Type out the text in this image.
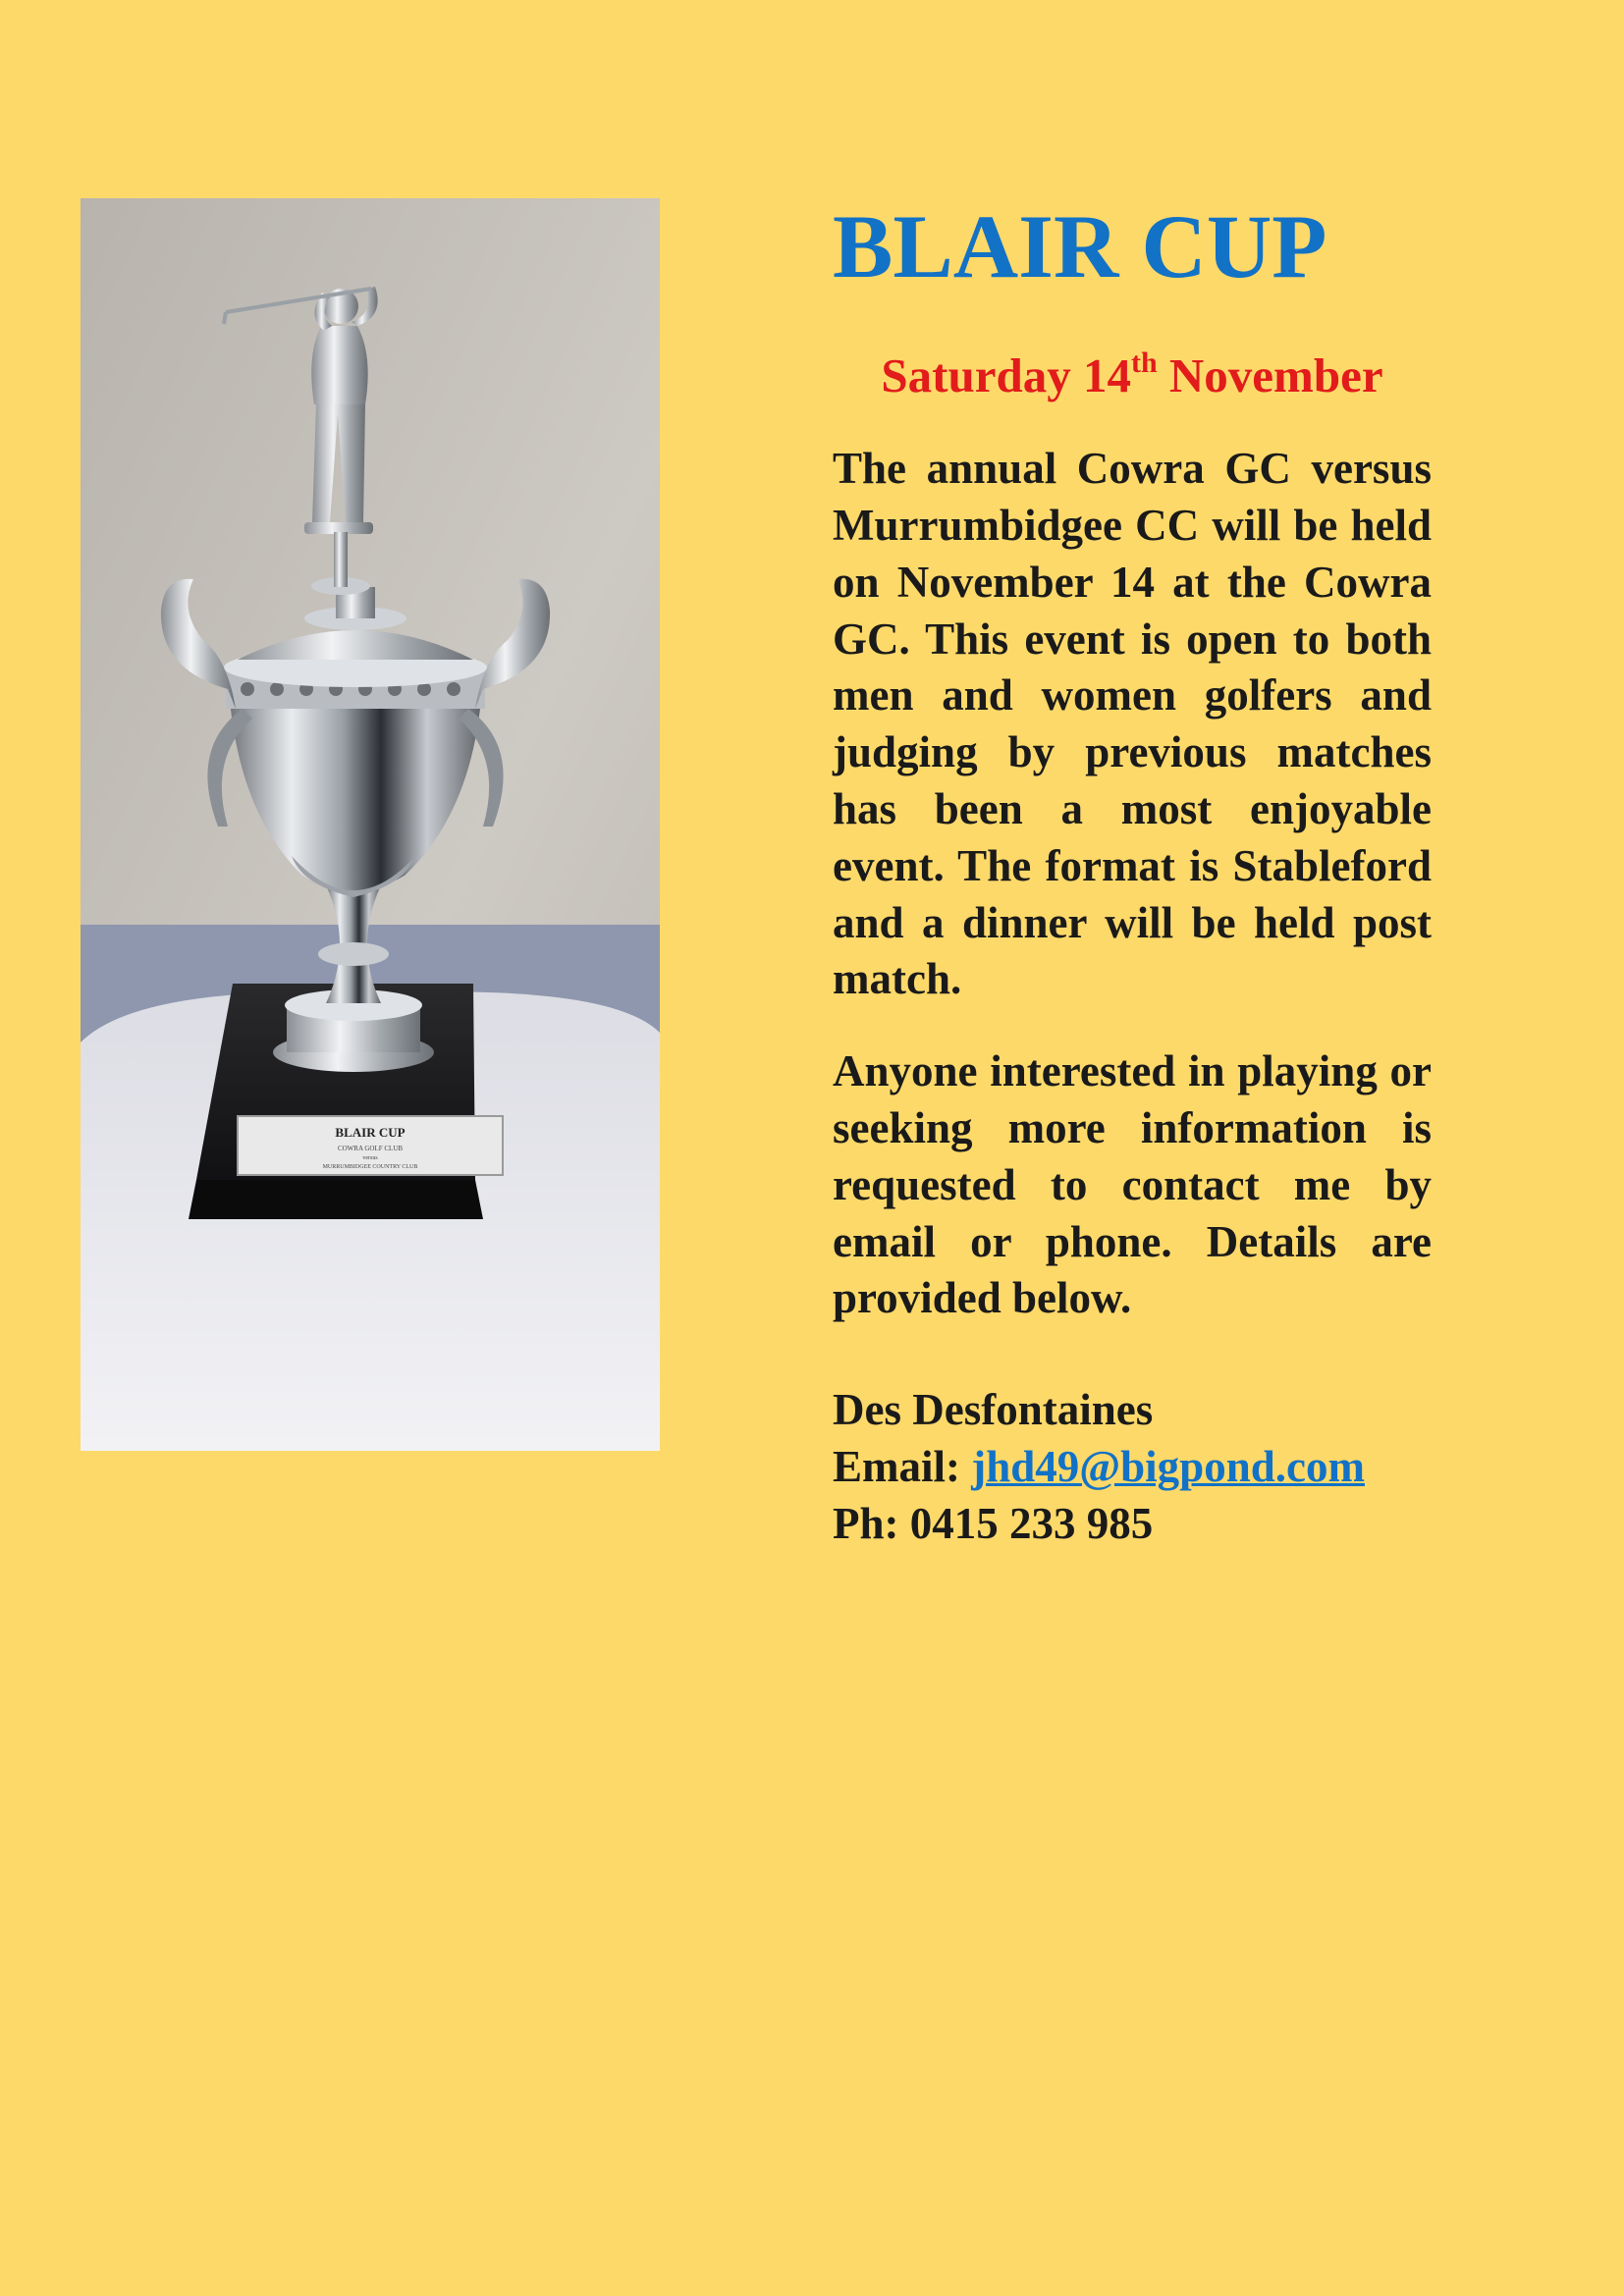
BLAIR CUP
COWRA GOLF CLUB
versus
MURRUMBIDGEE COUNTRY CLUB
BLAIR CUP
Saturday 14th November

The annual Cowra GC versus Murrumbidgee CC will be held on November 14 at the Cowra GC. This event is open to both men and women golfers and judging by previous matches has been a most enjoyable event. The format is Stableford and a dinner will be held post match.

Anyone interested in playing or seeking more information is requested to contact me by email or phone. Details are provided below.

Des Desfontaines
Email: jhd49@bigpond.com
Ph: 0415 233 985
